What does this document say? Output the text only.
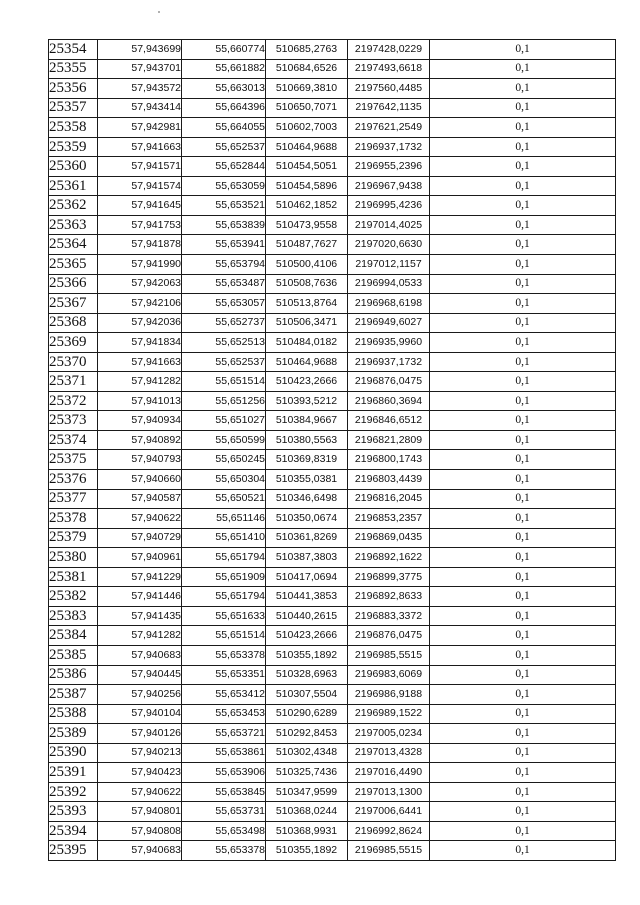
25354	57,943699	55,660774	510685,2763	2197428,0229	0,1
25355	57,943701	55,661882	510684,6526	2197493,6618	0,1
25356	57,943572	55,663013	510669,3810	2197560,4485	0,1
25357	57,943414	55,664396	510650,7071	2197642,1135	0,1
25358	57,942981	55,664055	510602,7003	2197621,2549	0,1
25359	57,941663	55,652537	510464,9688	2196937,1732	0,1
25360	57,941571	55,652844	510454,5051	2196955,2396	0,1
25361	57,941574	55,653059	510454,5896	2196967,9438	0,1
25362	57,941645	55,653521	510462,1852	2196995,4236	0,1
25363	57,941753	55,653839	510473,9558	2197014,4025	0,1
25364	57,941878	55,653941	510487,7627	2197020,6630	0,1
25365	57,941990	55,653794	510500,4106	2197012,1157	0,1
25366	57,942063	55,653487	510508,7636	2196994,0533	0,1
25367	57,942106	55,653057	510513,8764	2196968,6198	0,1
25368	57,942036	55,652737	510506,3471	2196949,6027	0,1
25369	57,941834	55,652513	510484,0182	2196935,9960	0,1
25370	57,941663	55,652537	510464,9688	2196937,1732	0,1
25371	57,941282	55,651514	510423,2666	2196876,0475	0,1
25372	57,941013	55,651256	510393,5212	2196860,3694	0,1
25373	57,940934	55,651027	510384,9667	2196846,6512	0,1
25374	57,940892	55,650599	510380,5563	2196821,2809	0,1
25375	57,940793	55,650245	510369,8319	2196800,1743	0,1
25376	57,940660	55,650304	510355,0381	2196803,4439	0,1
25377	57,940587	55,650521	510346,6498	2196816,2045	0,1
25378	57,940622	55,651146	510350,0674	2196853,2357	0,1
25379	57,940729	55,651410	510361,8269	2196869,0435	0,1
25380	57,940961	55,651794	510387,3803	2196892,1622	0,1
25381	57,941229	55,651909	510417,0694	2196899,3775	0,1
25382	57,941446	55,651794	510441,3853	2196892,8633	0,1
25383	57,941435	55,651633	510440,2615	2196883,3372	0,1
25384	57,941282	55,651514	510423,2666	2196876,0475	0,1
25385	57,940683	55,653378	510355,1892	2196985,5515	0,1
25386	57,940445	55,653351	510328,6963	2196983,6069	0,1
25387	57,940256	55,653412	510307,5504	2196986,9188	0,1
25388	57,940104	55,653453	510290,6289	2196989,1522	0,1
25389	57,940126	55,653721	510292,8453	2197005,0234	0,1
25390	57,940213	55,653861	510302,4348	2197013,4328	0,1
25391	57,940423	55,653906	510325,7436	2197016,4490	0,1
25392	57,940622	55,653845	510347,9599	2197013,1300	0,1
25393	57,940801	55,653731	510368,0244	2197006,6441	0,1
25394	57,940808	55,653498	510368,9931	2196992,8624	0,1
25395	57,940683	55,653378	510355,1892	2196985,5515	0,1
